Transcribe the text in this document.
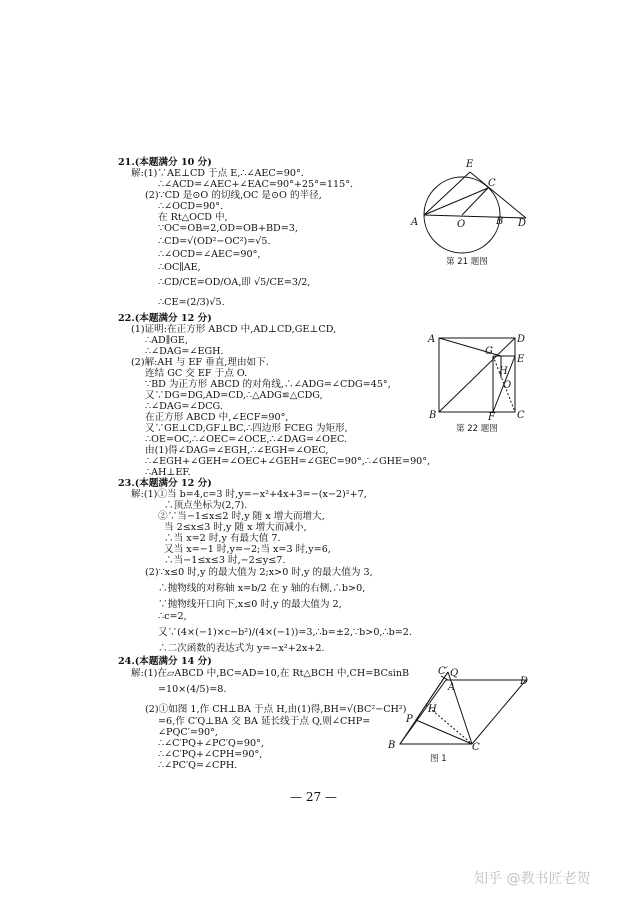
21.(本题满分 10 分)
解:(1)∵AE⊥CD 于点 E,∴∠AEC=90°.
∴∠ACD=∠AEC+∠EAC=90°+25°=115°.
(2)∵CD 是⊙O 的切线,OC 是⊙O 的半径,
∴∠OCD=90°.
在 Rt△OCD 中,
∵OC=OB=2,OD=OB+BD=3,
∴CD=√(OD²−OC²)=√5.
∴∠OCD=∠AEC=90°,
∴OC∥AE,
∴CD/CE=OD/OA,即 √5/CE=3/2,
∴CE=(2/3)√5.
E
C
A	O	B D
第 21 题图
22.(本题满分 12 分)
(1)证明:在正方形 ABCD 中,AD⊥CD,GE⊥CD,
∴AD∥GE,
∴∠DAG=∠EGH.
(2)解:AH 与 EF 垂直,理由如下.
连结 GC 交 EF 于点 O.
∵BD 为正方形 ABCD 的对角线,∴∠ADG=∠CDG=45°,
又∵DG=DG,AD=CD,∴△ADG≌△CDG,
∴∠DAG=∠DCG.
在正方形 ABCD 中,∠ECF=90°,
又∵GE⊥CD,GF⊥BC,∴四边形 FCEG 为矩形,
∴OE=OC,∴∠OEC=∠OCE,∴∠DAG=∠OEC.
由(1)得∠DAG=∠EGH,∴∠EGH=∠OEC,
∴∠EGH+∠GEH=∠OEC+∠GEH=∠GEC=90°,∴∠GHE=90°,
∴AH⊥EF.
A	D
G
E
H
O
B	F C
第 22 题图
23.(本题满分 12 分)
解:(1)①当 b=4,c=3 时,y=−x²+4x+3=−(x−2)²+7,
∴顶点坐标为(2,7).
②∵当−1≤x≤2 时,y 随 x 增大而增大,
当 2≤x≤3 时,y 随 x 增大而减小,
∴当 x=2 时,y 有最大值 7.
又当 x=−1 时,y=−2;当 x=3 时,y=6,
∴当−1≤x≤3 时,−2≤y≤7.
(2)∵x≤0 时,y 的最大值为 2;x>0 时,y 的最大值为 3,
∴抛物线的对称轴 x=b/2 在 y 轴的右侧,∴b>0,
∵抛物线开口向下,x≤0 时,y 的最大值为 2,
∴c=2,
又∵(4×(−1)×c−b²)/(4×(−1))=3,∴b=±2,∵b>0,∴b=2.
∴二次函数的表达式为 y=−x²+2x+2.
24.(本题满分 14 分)
解:(1)在▱ABCD 中,BC=AD=10,在 Rt△BCH 中,CH=BCsinB
=10×(4/5)=8.
(2)①如图 1,作 CH⊥BA 于点 H,由(1)得,BH=√(BC²−CH²)
=6,作 C′Q⊥BA 交 BA 延长线于点 Q,则∠CHP=
∠PQC′=90°,
∴∠C′PQ+∠PC′Q=90°,
∴∠C′PQ+∠CPH=90°,
∴∠PC′Q=∠CPH.
C′ Q
A
D
P
H
B	C
图 1
— 27 —
知乎 @教书匠老贺
